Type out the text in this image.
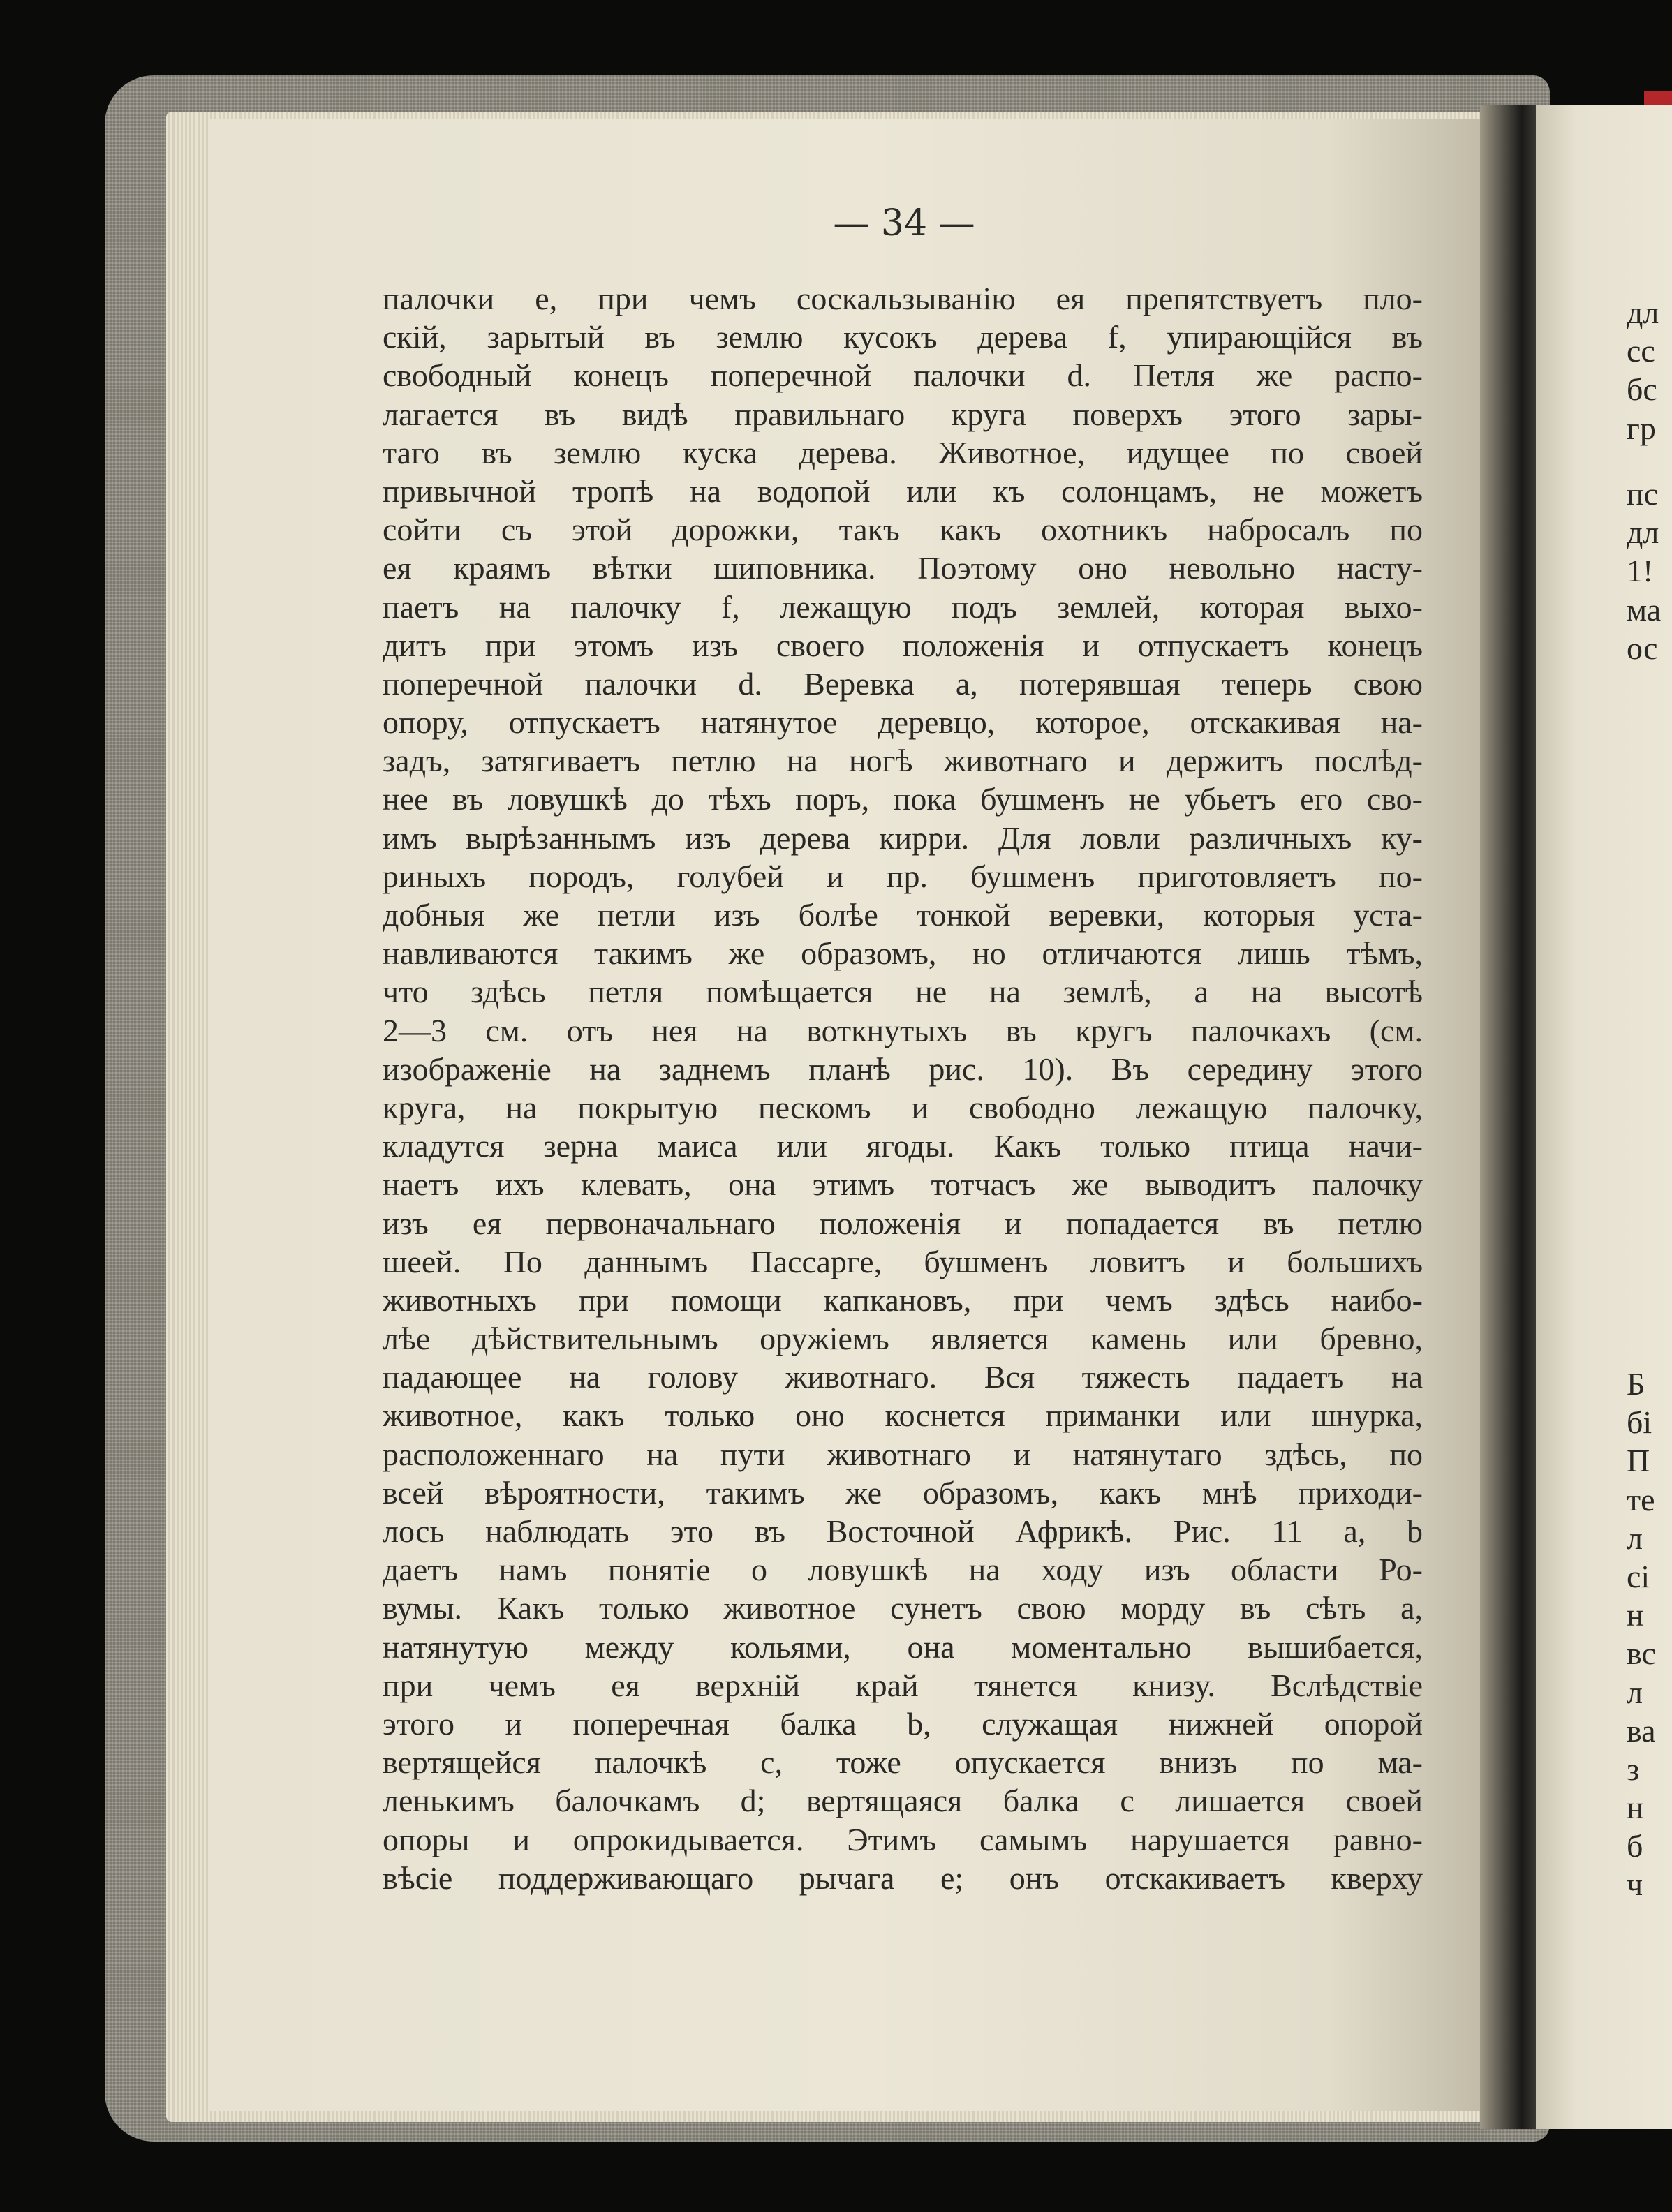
— 34 —
палочки e, при чемъ соскальзыванію ея препятствуетъ пло-
скій, зарытый въ землю кусокъ дерева f, упирающійся въ
свободный конецъ поперечной палочки d. Петля же распо-
лагается въ видѣ правильнаго круга поверхъ этого зары-
таго въ землю куска дерева. Животное, идущее по своей
привычной тропѣ на водопой или къ солонцамъ, не можетъ
сойти съ этой дорожки, такъ какъ охотникъ набросалъ по
ея краямъ вѣтки шиповника. Поэтому оно невольно насту-
паетъ на палочку f, лежащую подъ землей, которая выхо-
дитъ при этомъ изъ своего положенія и отпускаетъ конецъ
поперечной палочки d. Веревка a, потерявшая теперь свою
опору, отпускаетъ натянутое деревцо, которое, отскакивая на-
задъ, затягиваетъ петлю на ногѣ животнаго и держитъ послѣд-
нее въ ловушкѣ до тѣхъ поръ, пока бушменъ не убьетъ его сво-
имъ вырѣзаннымъ изъ дерева кирри. Для ловли различныхъ ку-
риныхъ породъ, голубей и пр. бушменъ приготовляетъ по-
добныя же петли изъ болѣе тонкой веревки, которыя уста-
навливаются такимъ же образомъ, но отличаются лишь тѣмъ,
что здѣсь петля помѣщается не на землѣ, а на высотѣ
2—3 см. отъ нея на воткнутыхъ въ кругъ палочкахъ (см.
изображеніе на заднемъ планѣ рис. 10). Въ середину этого
круга, на покрытую пескомъ и свободно лежащую палочку,
кладутся зерна маиса или ягоды. Какъ только птица начи-
наетъ ихъ клевать, она этимъ тотчасъ же выводитъ палочку
изъ ея первоначальнаго положенія и попадается въ петлю
шеей. По даннымъ Пассарге, бушменъ ловитъ и большихъ
животныхъ при помощи капкановъ, при чемъ здѣсь наибо-
лѣе дѣйствительнымъ оружіемъ является камень или бревно,
падающее на голову животнаго. Вся тяжесть падаетъ на
животное, какъ только оно коснется приманки или шнурка,
расположеннаго на пути животнаго и натянутаго здѣсь, по
всей вѣроятности, такимъ же образомъ, какъ мнѣ приходи-
лось наблюдать это въ Восточной Африкѣ. Рис. 11 a, b
даетъ намъ понятіе о ловушкѣ на ходу изъ области Ро-
вумы. Какъ только животное сунетъ свою морду въ сѣть a,
натянутую между кольями, она моментально вышибается,
при чемъ ея верхній край тянется книзу. Вслѣдствіе
этого и поперечная балка b, служащая нижней опорой
вертящейся палочкѣ c, тоже опускается внизъ по ма-
ленькимъ балочкамъ d; вертящаяся балка c лишается своей
опоры и опрокидывается. Этимъ самымъ нарушается равно-
вѣсіе поддерживающаго рычага e; онъ отскакиваетъ кверху
дл
сс
бс
гр
пс
дл
1!
ма
ос
Б
бі
П
те
л
сі
н
вс
л
ва
з
н
б
ч
